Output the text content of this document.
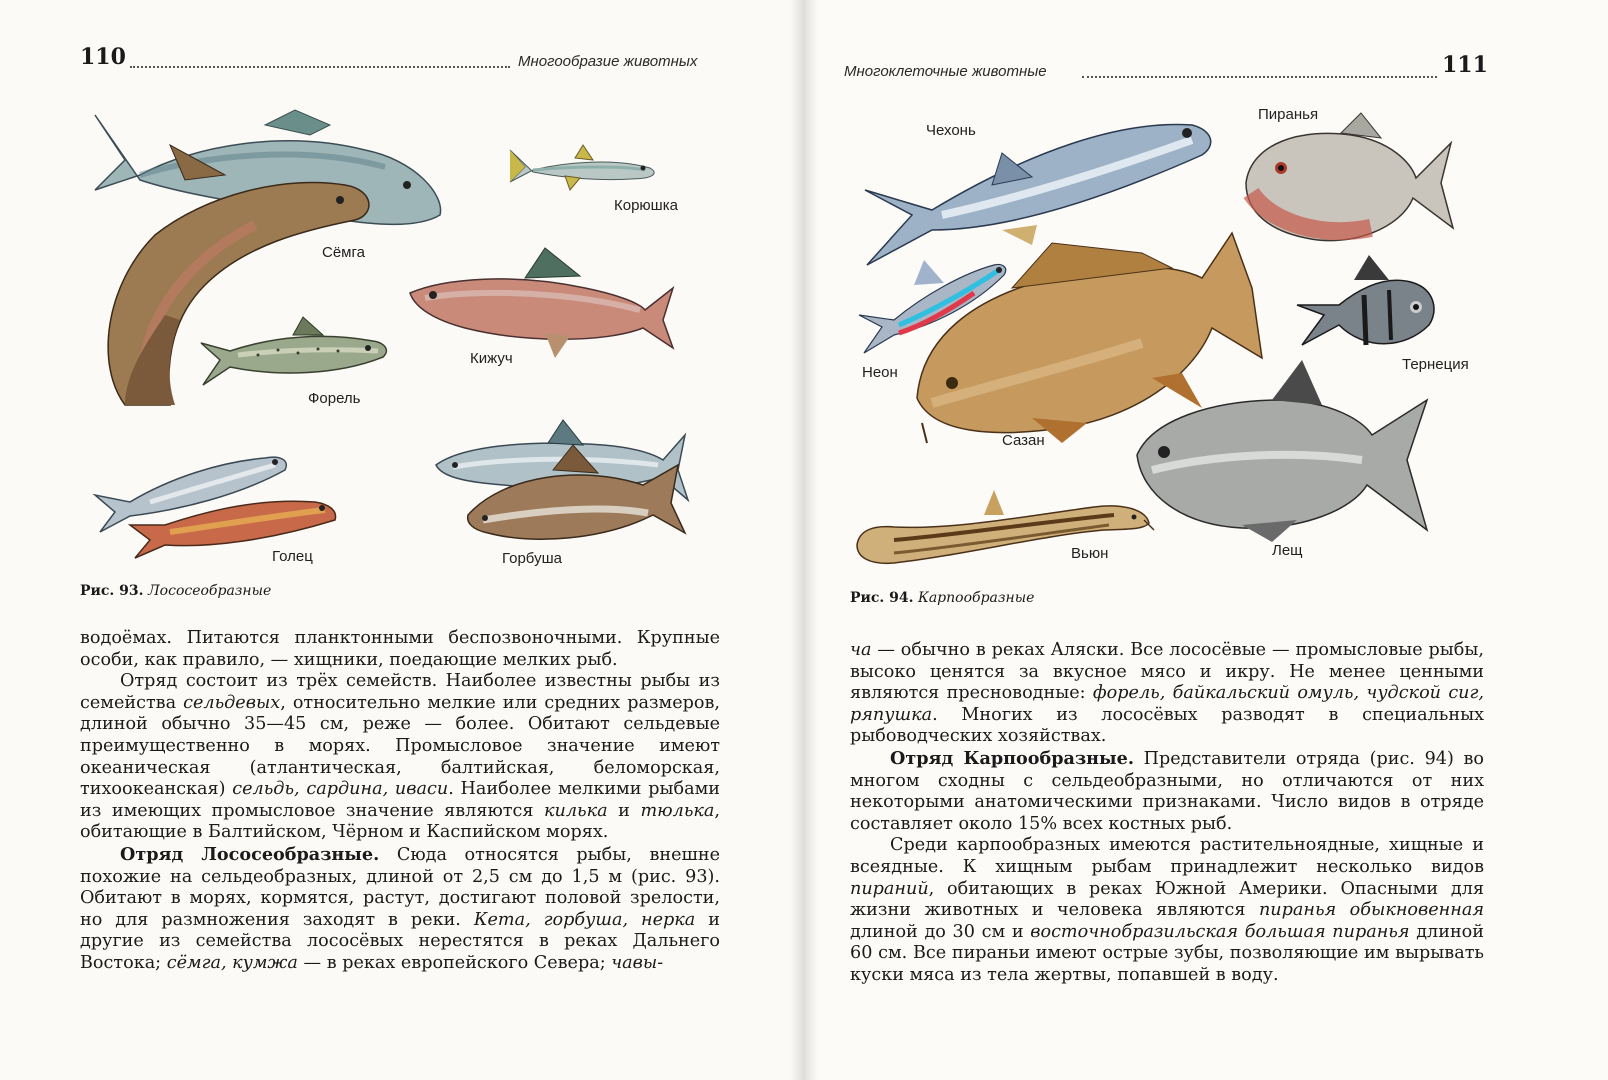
110	Многообразие животных
Сёмга
Корюшка
Кижуч
Форель
Голец	Горбуша
Рис. 93. Лососеобразные

водоёмах. Питаются планктонными беспозвоночными. Крупные особи, как правило, — хищники, поедающие мелких рыб.

Отряд состоит из трёх семейств. Наиболее известны рыбы из семейства сельдевых, относительно мелкие или средних размеров, длиной обычно 35—45 см, реже — более. Обитают сельдевые преимущественно в морях. Промысловое значение имеют океаническая (атлантическая, балтийская, беломорская, тихоокеанская) сельдь, сардина, иваси. Наиболее мелкими рыбами из имеющих промысловое значение являются килька и тюлька, обитающие в Балтийском, Чёрном и Каспийском морях.

Отряд Лососеобразные. Сюда относятся рыбы, внешне похожие на сельдеобразных, длиной от 2,5 см до 1,5 м (рис. 93). Обитают в морях, кормятся, растут, достигают половой зрелости, но для размножения заходят в реки. Кета, горбуша, нерка и другие из семейства лососёвых нерестятся в реках Дальнего Востока; сёмга, кумжа — в реках европейского Севера; чавы-

Многоклеточные животные	111
Чехонь
Пиранья
Неон
Сазан
Тернеция
Лещ
Вьюн
Рис. 94. Карпообразные

ча — обычно в реках Аляски. Все лососёвые — промысловые рыбы, высоко ценятся за вкусное мясо и икру. Не менее ценными являются пресноводные: форель, байкальский омуль, чудской сиг, ряпушка. Многих из лососёвых разводят в специальных рыбоводческих хозяйствах.

Отряд Карпообразные. Представители отряда (рис. 94) во многом сходны с сельдеобразными, но отличаются от них некоторыми анатомическими признаками. Число видов в отряде составляет около 15% всех костных рыб.

Среди карпообразных имеются растительноядные, хищные и всеядные. К хищным рыбам принадлежит несколько видов пираний, обитающих в реках Южной Америки. Опасными для жизни животных и человека являются пиранья обыкновенная длиной до 30 см и восточнобразильская большая пиранья длиной 60 см. Все пираньи имеют острые зубы, позволяющие им вырывать куски мяса из тела жертвы, попавшей в воду.
